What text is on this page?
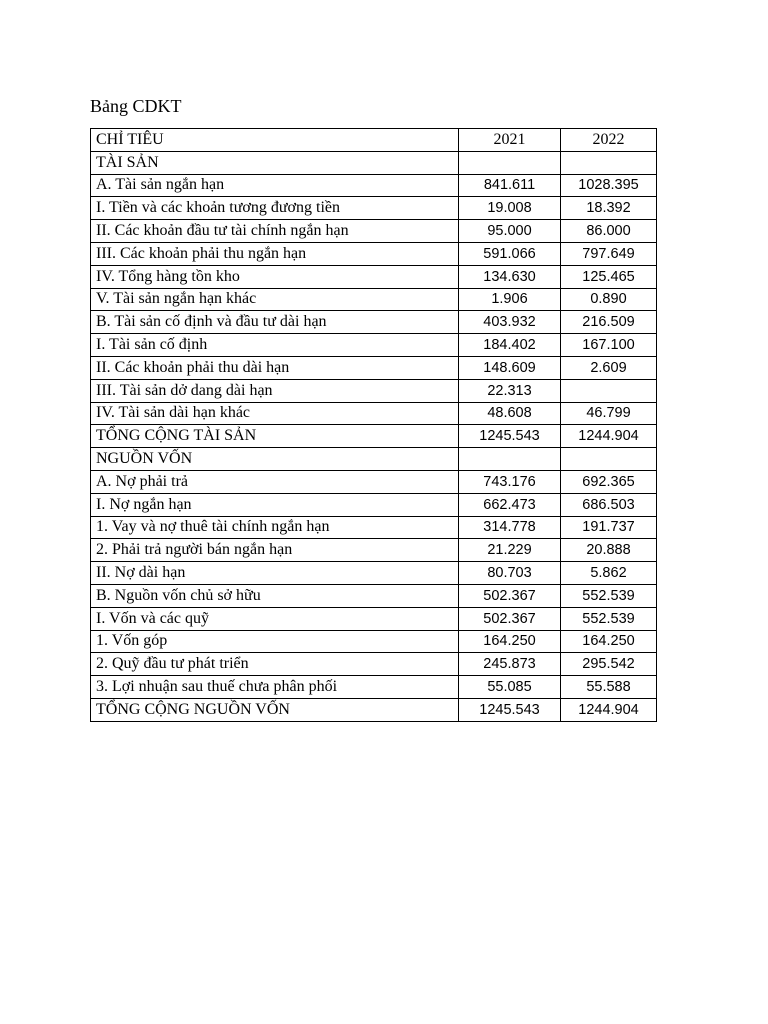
Bảng CDKT
CHỈ TIÊU	2021	2022
TÀI SẢN		
A. Tài sản ngắn hạn	841.611	1028.395
I. Tiền và các khoản tương đương tiền	19.008	18.392
II. Các khoản đầu tư tài chính ngắn hạn	95.000	86.000
III. Các khoản phải thu ngắn hạn	591.066	797.649
IV. Tổng hàng tồn kho	134.630	125.465
V. Tài sản ngắn hạn khác	1.906	0.890
B. Tài sản cố định và đầu tư dài hạn	403.932	216.509
I. Tài sản cố định	184.402	167.100
II. Các khoản phải thu dài hạn	148.609	2.609
III. Tài sản dở dang dài hạn	22.313	
IV. Tài sản dài hạn khác	48.608	46.799
TỔNG CỘNG TÀI SẢN	1245.543	1244.904
NGUỒN VỐN		
A. Nợ phải trả	743.176	692.365
I. Nợ ngắn hạn	662.473	686.503
1. Vay và nợ thuê tài chính ngắn hạn	314.778	191.737
2. Phải trả người bán ngắn hạn	21.229	20.888
II. Nợ dài hạn	80.703	5.862
B. Nguồn vốn chủ sở hữu	502.367	552.539
I. Vốn và các quỹ	502.367	552.539
1. Vốn góp	164.250	164.250
2. Quỹ đầu tư phát triển	245.873	295.542
3. Lợi nhuận sau thuế chưa phân phối	55.085	55.588
TỔNG CỘNG NGUỒN VỐN	1245.543	1244.904
